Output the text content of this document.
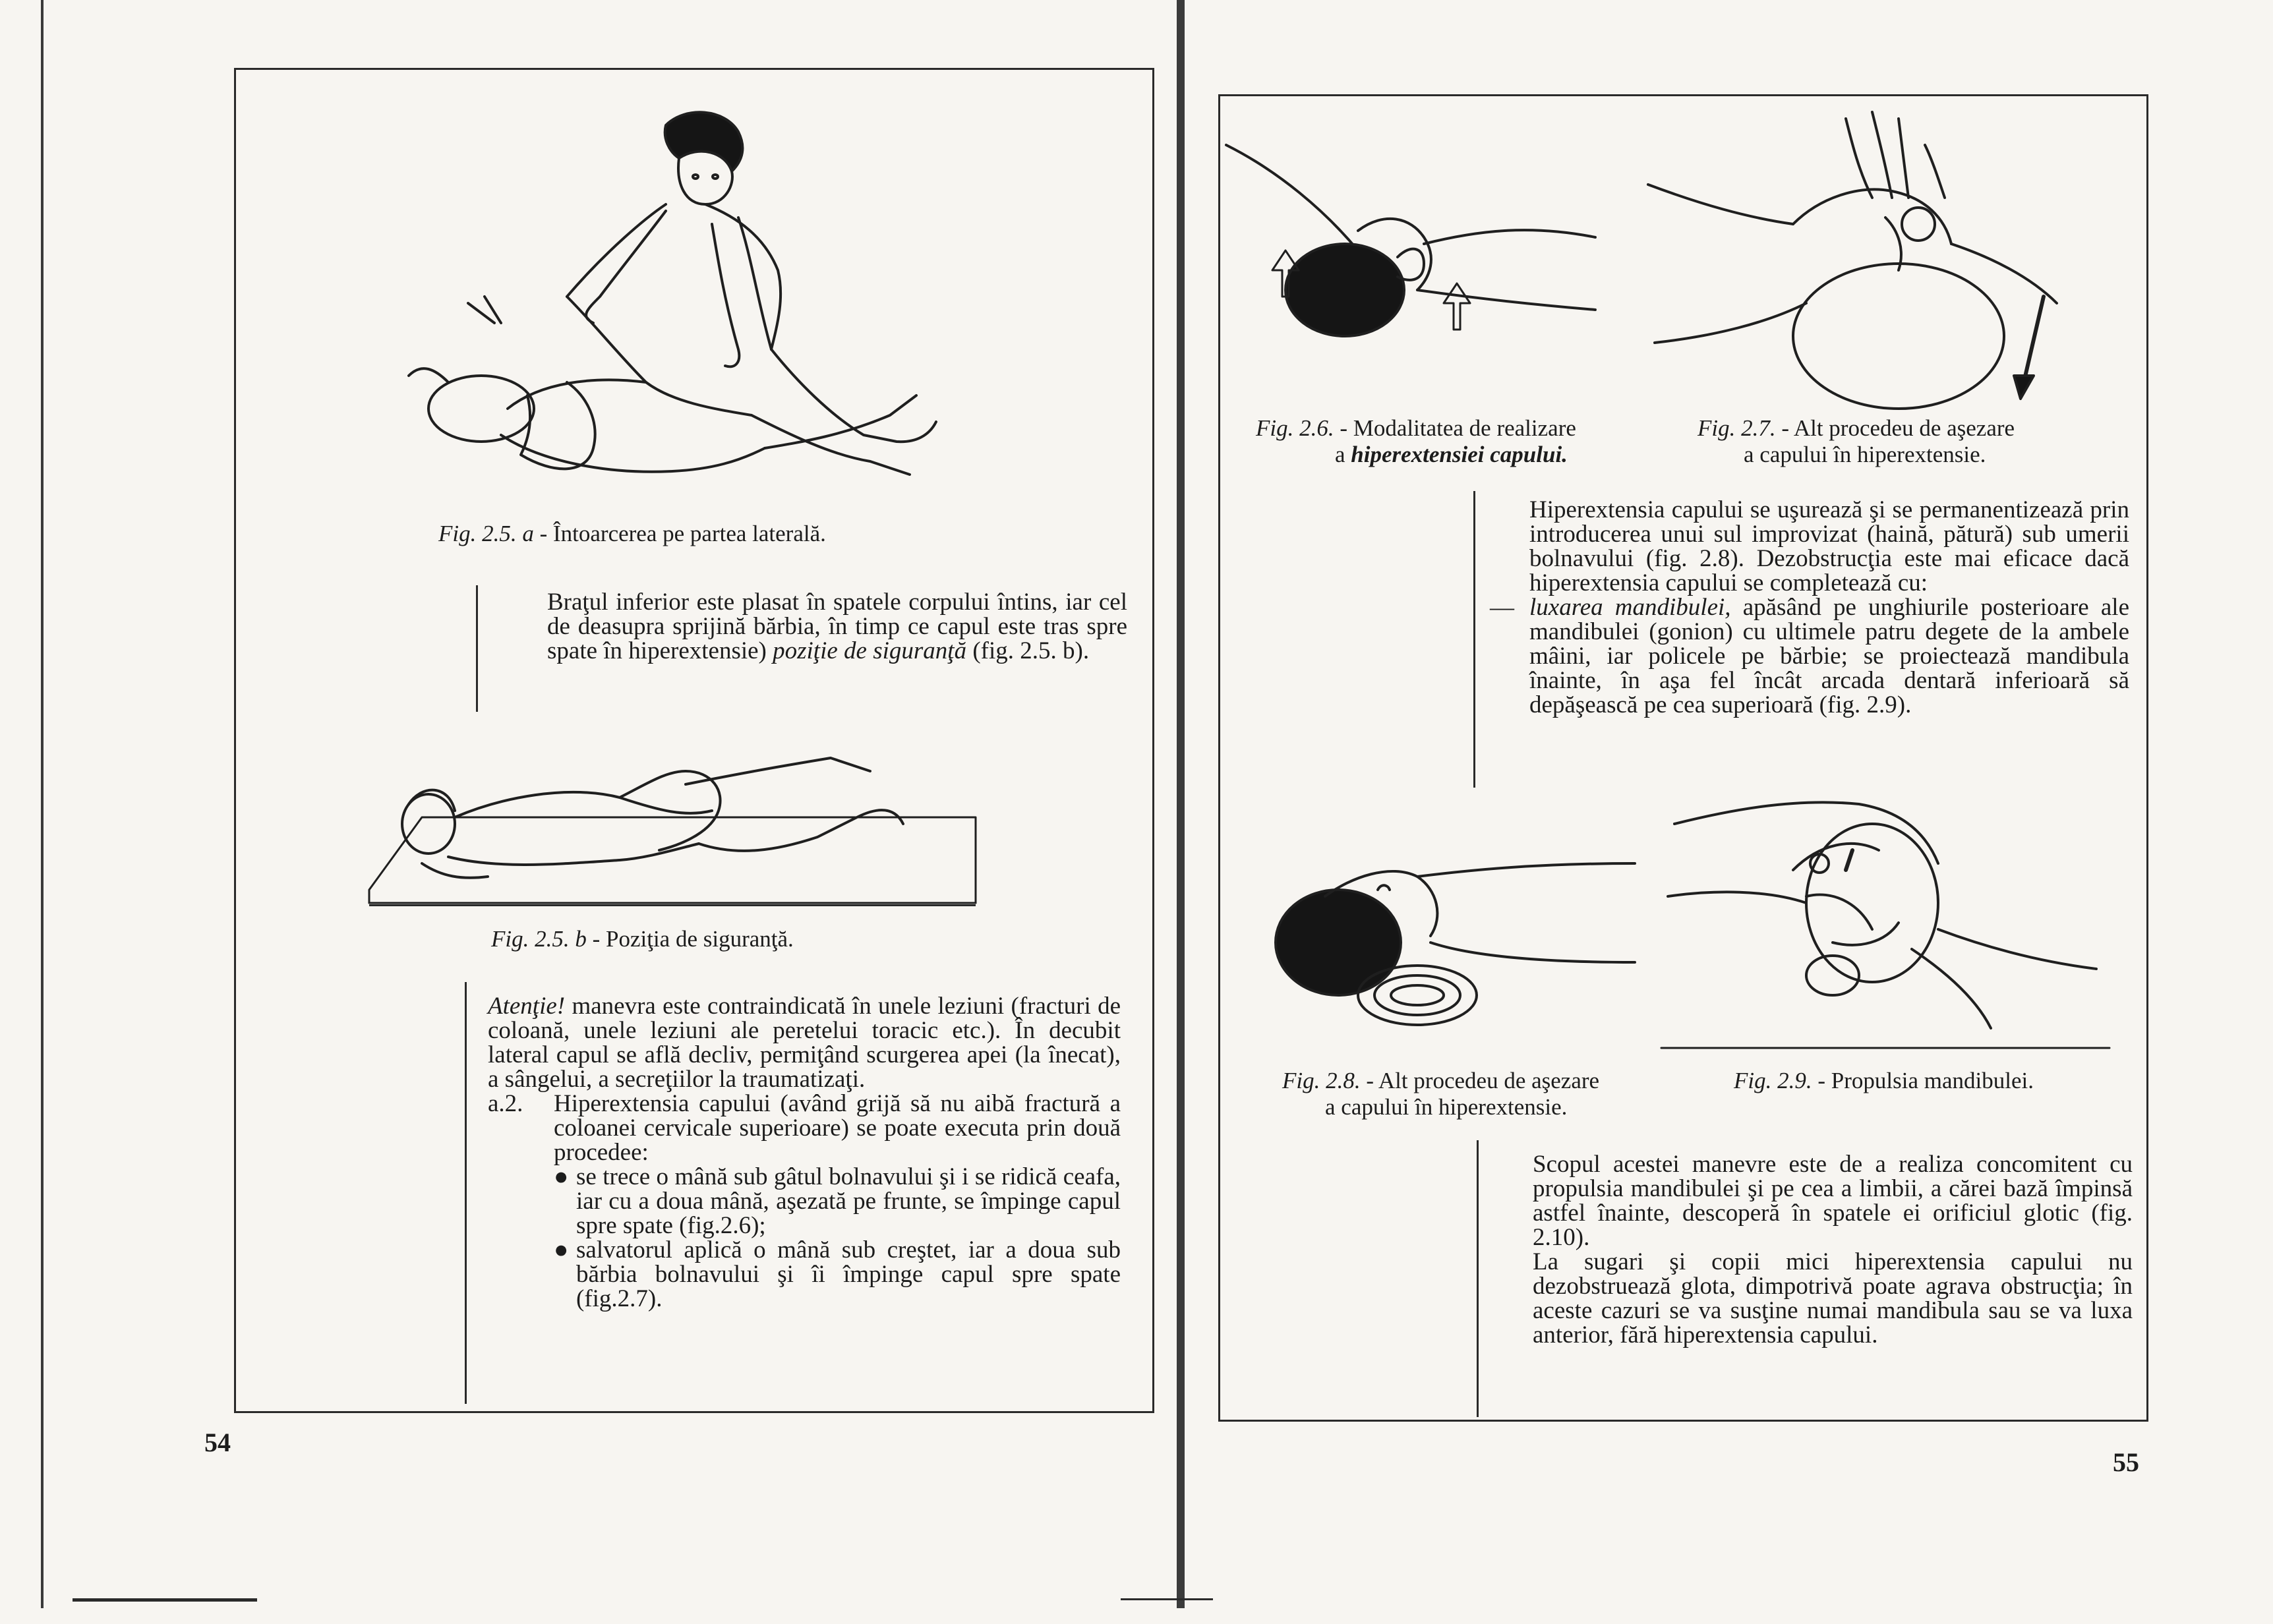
Fig. 2.5. a - Întoarcerea pe partea laterală.

Braţul inferior este plasat în spatele corpului întins, iar cel de deasupra sprijină bărbia, în timp ce capul este tras spre spate în hiperextensie) poziţie de siguranţă (fig. 2.5. b).

Fig. 2.5. b - Poziţia de siguranţă.

Atenţie! manevra este contraindicată în unele leziuni (fracturi de coloană, unele leziuni ale peretelui toracic etc.). În decubit lateral capul se află decliv, permiţând scurgerea apei (la înecat), a sângelui, a secreţiilor la traumatizaţi.

a.2.	Hiperextensia capului (având grijă să nu aibă fractură a coloanei cervicale superioare) se poate executa prin două procedee:
● se trece o mână sub gâtul bolnavului şi i se ridică ceafa, iar cu a doua mână, aşezată pe frunte, se împinge capul spre spate (fig.2.6);
● salvatorul aplică o mână sub creştet, iar a doua sub bărbia bolnavului şi îi împinge capul spre spate (fig.2.7).
54
Fig. 2.6. - Modalitatea de realizare
a hiperextensiei capului.
Fig. 2.7. - Alt procedeu de aşezare
a capului în hiperextensie.

Hiperextensia capului se uşurează şi se permanentizează prin introducerea unui sul improvizat (haină, pătură) sub umerii bolnavului (fig. 2.8). Dezobstrucţia este mai eficace dacă hiperextensia capului se completează cu:

— luxarea mandibulei, apăsând pe unghiurile posterioare ale mandibulei (gonion) cu ultimele patru degete de la ambele mâini, iar policele pe bărbie; se proiectează mandibula înainte, în aşa fel încât arcada dentară inferioară să depăşească pe cea superioară (fig. 2.9).
Fig. 2.8. - Alt procedeu de aşezare
a capului în hiperextensie.
Fig. 2.9. - Propulsia mandibulei.

Scopul acestei manevre este de a realiza concomitent cu propulsia mandibulei şi pe cea a limbii, a cărei bază împinsă astfel înainte, descoperă în spatele ei orificiul glotic (fig. 2.10).

La sugari şi copii mici hiperextensia capului nu dezobstruează glota, dimpotrivă poate agrava obstrucţia; în aceste cazuri se va susţine numai mandibula sau se va luxa anterior, fără hiperextensia capului.

55
